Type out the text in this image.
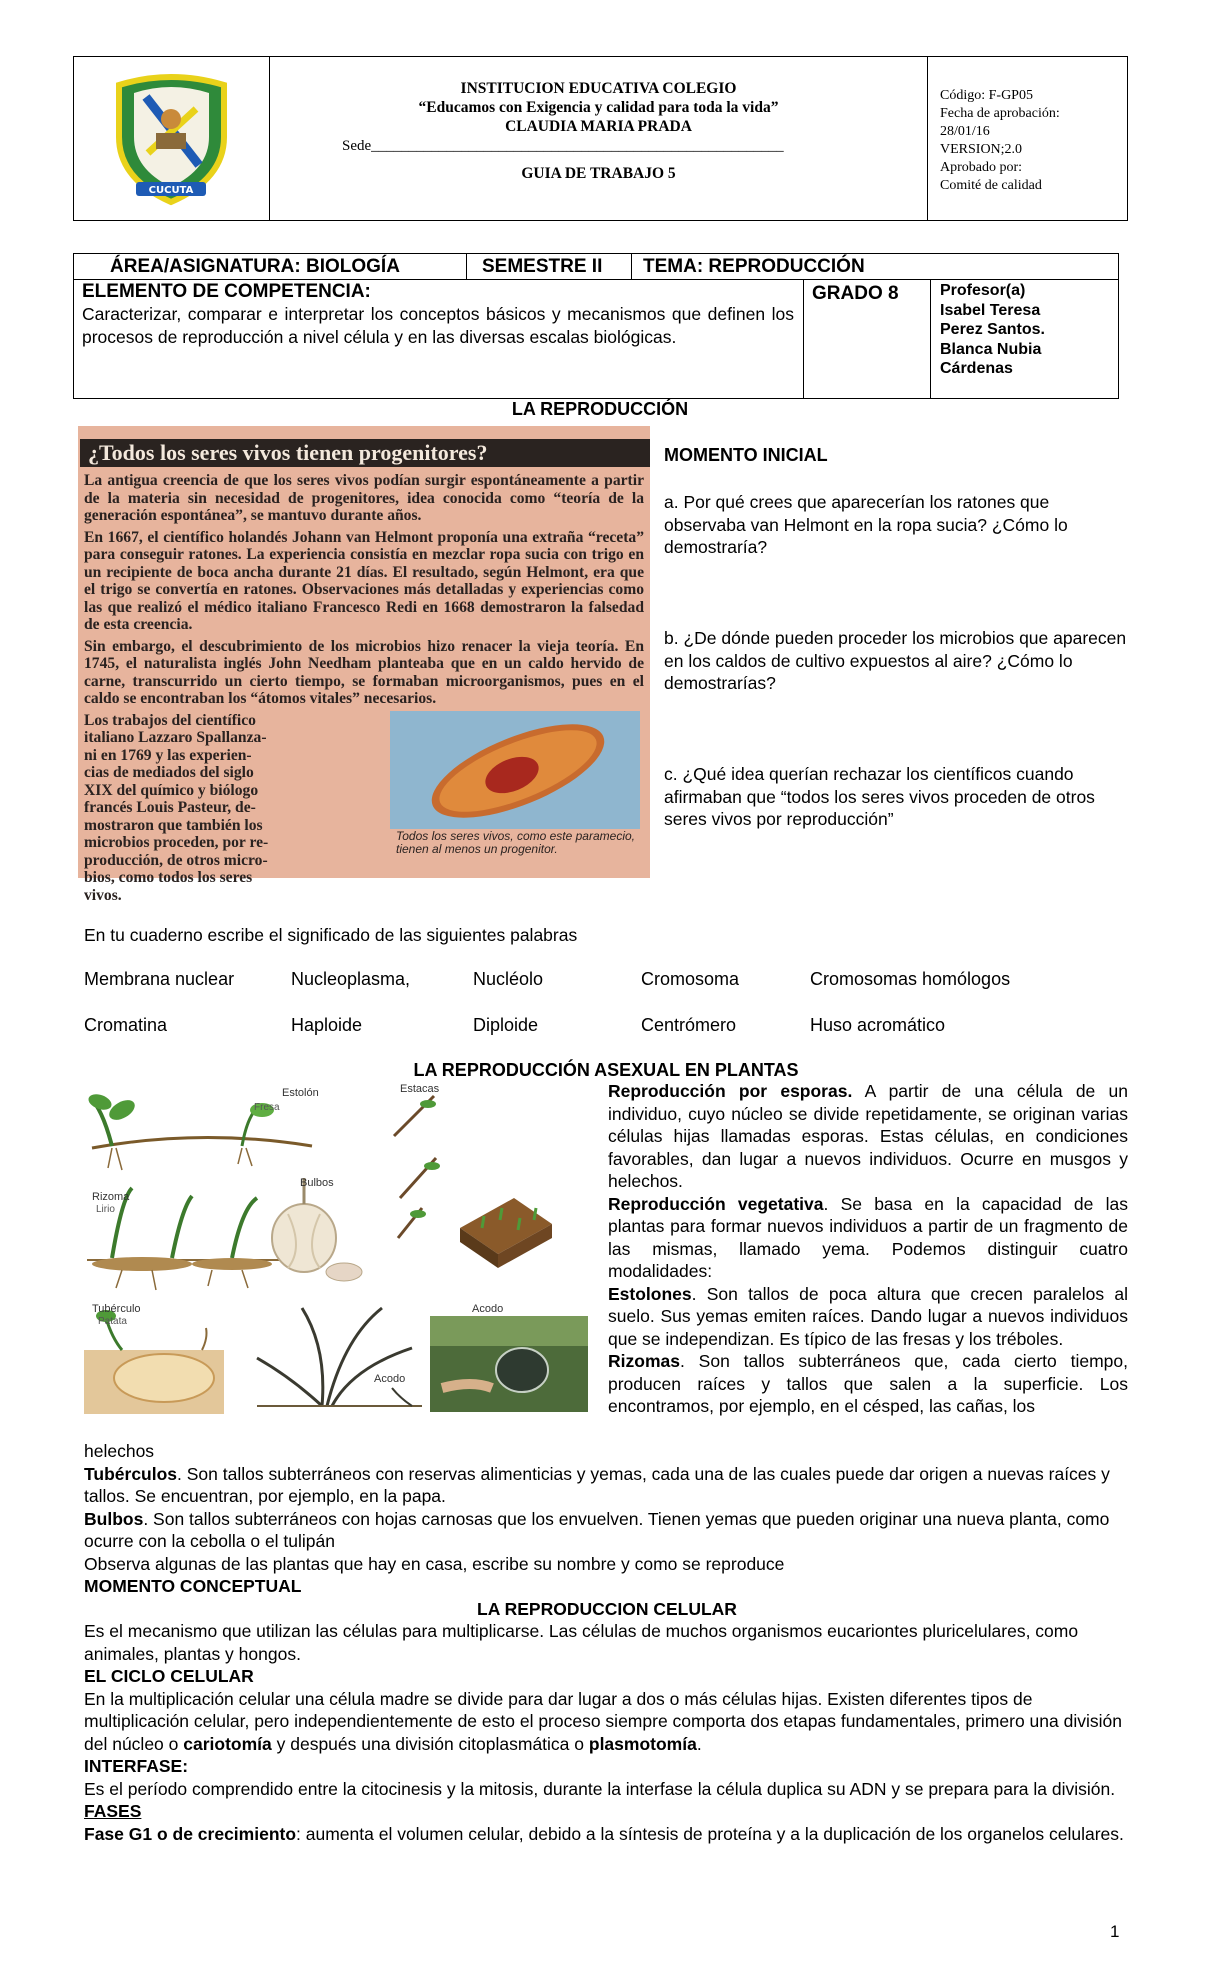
CUCUTA
INSTITUCION EDUCATIVA COLEGIO
“Educamos con Exigencia y calidad para toda la vida”
CLAUDIA MARIA PRADA
Sede_______________________________________________________
GUIA DE TRABAJO 5
Código: F-GP05
Fecha de aprobación:
28/01/16
VERSION;2.0
Aprobado por:
Comité de calidad
ÁREA/ASIGNATURA: BIOLOGÍA	SEMESTRE II TEMA: REPRODUCCIÓN
ELEMENTO DE COMPETENCIA:
Caracterizar, comparar e interpretar los conceptos básicos y mecanismos que definen los procesos de reproducción a nivel célula y en las diversas escalas biológicas.
GRADO 8	Profesor(a)
Isabel Teresa
Perez Santos.
Blanca Nubia
Cárdenas
LA REPRODUCCIÓN
¿Todos los seres vivos tienen progenitores?
La antigua creencia de que los seres vivos podían surgir espontáneamente a partir de la materia sin necesidad de progenitores, idea conocida como “teoría de la generación espontánea”, se mantuvo durante años.
En 1667, el científico holandés Johann van Helmont proponía una extraña “receta” para conseguir ratones. La experiencia consistía en mezclar ropa sucia con trigo en un recipiente de boca ancha durante 21 días. El resultado, según Helmont, era que el trigo se convertía en ratones. Observaciones más detalladas y experiencias como las que realizó el médico italiano Francesco Redi en 1668 demostraron la falsedad de esta creencia.
Sin embargo, el descubrimiento de los microbios hizo renacer la vieja teoría. En 1745, el naturalista inglés John Needham planteaba que en un caldo hervido de carne, transcurrido un cierto tiempo, se formaban microorganismos, pues en el caldo se encontraban los “átomos vitales” necesarios.
Los trabajos del científico
italiano Lazzaro Spallanza-
ni en 1769 y las experien-
cias de mediados del siglo
XIX del químico y biólogo
francés Louis Pasteur, de-
mostraron que también los
microbios proceden, por re-
producción, de otros micro-
bios, como todos los seres
vivos.
Todos los seres vivos, como este paramecio, tienen al menos un progenitor.
MOMENTO INICIAL
a. Por qué crees que aparecerían los ratones que observaba van Helmont en la ropa sucia? ¿Cómo lo demostraría?
b. ¿De dónde pueden proceder los microbios que aparecen en los caldos de cultivo expuestos al aire? ¿Cómo lo demostrarías?
c. ¿Qué idea querían rechazar los científicos cuando afirmaban que “todos los seres vivos proceden de otros seres vivos por reproducción”
En tu cuaderno escribe el significado de las siguientes palabras
Membrana nuclear	Nucleoplasma,	Nucléolo	Cromosoma	Cromosomas homólogos
Cromatina	Haploide	Diploide	Centrómero	Huso acromático
LA REPRODUCCIÓN ASEXUAL EN PLANTAS
Estolón
Fresa
Estacas
Rizoma
Lirio
Bulbos
Tubérculo
Patata
Acodo
Acodo
Reproducción por esporas. A partir de una célula de un individuo, cuyo núcleo se divide repetidamente, se originan varias células hijas llamadas esporas. Estas células, en condiciones favorables, dan lugar a nuevos individuos. Ocurre en musgos y helechos.
Reproducción vegetativa. Se basa en la capacidad de las plantas para formar nuevos individuos a partir de un fragmento de las mismas, llamado yema. Podemos distinguir cuatro modalidades:
Estolones. Son tallos de poca altura que crecen paralelos al suelo. Sus yemas emiten raíces. Dando lugar a nuevos individuos que se independizan. Es típico de las fresas y los tréboles.
Rizomas. Son tallos subterráneos que, cada cierto tiempo, producen raíces y tallos que salen a la superficie. Los encontramos, por ejemplo, en el césped, las cañas, los
helechos
Tubérculos. Son tallos subterráneos con reservas alimenticias y yemas, cada una de las cuales puede dar origen a nuevas raíces y tallos. Se encuentran, por ejemplo, en la papa.
Bulbos. Son tallos subterráneos con hojas carnosas que los envuelven. Tienen yemas que pueden originar una nueva planta, como ocurre con la cebolla o el tulipán
Observa algunas de las plantas que hay en casa, escribe su nombre y como se reproduce
MOMENTO CONCEPTUAL
LA REPRODUCCION CELULAR
Es el mecanismo que utilizan las células para multiplicarse. Las células de muchos organismos eucariontes pluricelulares, como animales, plantas y hongos.
EL CICLO CELULAR
En la multiplicación celular una célula madre se divide para dar lugar a dos o más células hijas. Existen diferentes tipos de multiplicación celular, pero independientemente de esto el proceso siempre comporta dos etapas fundamentales, primero una división del núcleo o cariotomía y después una división citoplasmática o plasmotomía.
INTERFASE:
Es el período comprendido entre la citocinesis y la mitosis, durante la interfase la célula duplica su ADN y se prepara para la división.
FASES
Fase G1 o de crecimiento: aumenta el volumen celular, debido a la síntesis de proteína y a la duplicación de los organelos celulares.
1
